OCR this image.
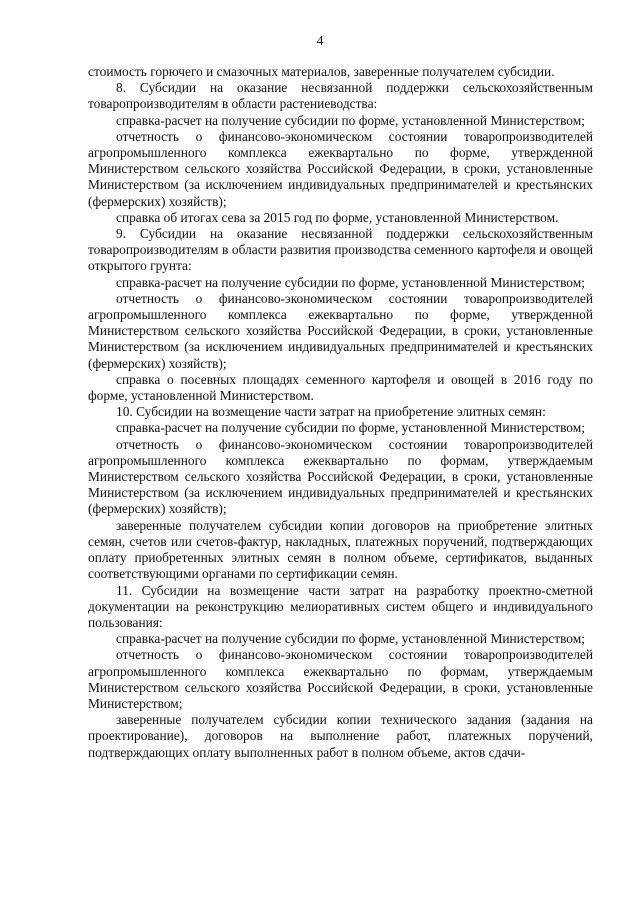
4

стоимость горючего и смазочных материалов, заверенные получателем субсидии.

8. Субсидии на оказание несвязанной поддержки сельскохозяйственным товаропроизводителям в области растениеводства:

справка-расчет на получение субсидии по форме, установленной Министерством;

отчетность о финансово-экономическом состоянии товаропроизводителей агропромышленного комплекса ежеквартально по форме, утвержденной Министерством сельского хозяйства Российской Федерации, в сроки, установленные Министерством (за исключением индивидуальных предпринимателей и крестьянских (фермерских) хозяйств);

справка об итогах сева за 2015 год по форме, установленной Министерством.

9. Субсидии на оказание несвязанной поддержки сельскохозяйственным товаропроизводителям в области развития производства семенного картофеля и овощей открытого грунта:

справка-расчет на получение субсидии по форме, установленной Министерством;

отчетность о финансово-экономическом состоянии товаропроизводителей агропромышленного комплекса ежеквартально по форме, утвержденной Министерством сельского хозяйства Российской Федерации, в сроки, установленные Министерством (за исключением индивидуальных предпринимателей и крестьянских (фермерских) хозяйств);

справка о посевных площадях семенного картофеля и овощей в 2016 году по форме, установленной Министерством.

10. Субсидии на возмещение части затрат на приобретение элитных семян:

справка-расчет на получение субсидии по форме, установленной Министерством;

отчетность о финансово-экономическом состоянии товаропроизводителей агропромышленного комплекса ежеквартально по формам, утверждаемым Министерством сельского хозяйства Российской Федерации, в сроки, установленные Министерством (за исключением индивидуальных предпринимателей и крестьянских (фермерских) хозяйств);

заверенные получателем субсидии копии договоров на приобретение элитных семян, счетов или счетов-фактур, накладных, платежных поручений, подтверждающих оплату приобретенных элитных семян в полном объеме, сертификатов, выданных соответствующими органами по сертификации семян.

11. Субсидии на возмещение части затрат на разработку проектно-сметной документации на реконструкцию мелиоративных систем общего и индивидуального пользования:

справка-расчет на получение субсидии по форме, установленной Министерством;

отчетность о финансово-экономическом состоянии товаропроизводителей агропромышленного комплекса ежеквартально по формам, утверждаемым Министерством сельского хозяйства Российской Федерации, в сроки, установленные Министерством;

заверенные получателем субсидии копии технического задания (задания на проектирование), договоров на выполнение работ, платежных поручений, подтверждающих оплату выполненных работ в полном объеме, актов сдачи-
